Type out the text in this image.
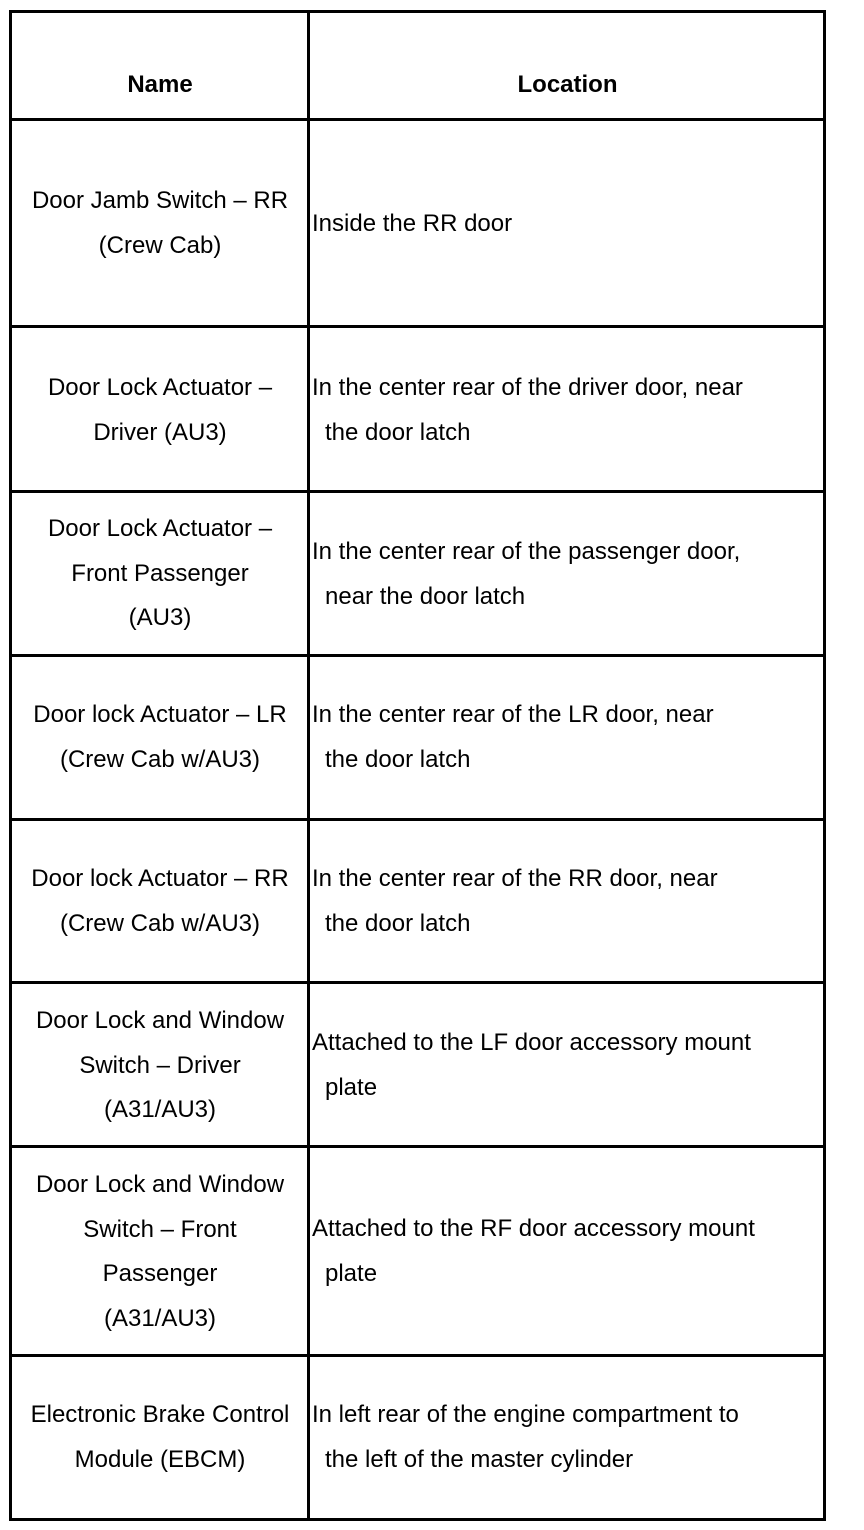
Name	Location
Door Jamb Switch – RR
(Crew Cab)
Inside the RR door
Door Lock Actuator –
Driver (AU3)
In the center rear of the driver door, near
the door latch
Door Lock Actuator –
Front Passenger
(AU3)
In the center rear of the passenger door,
near the door latch
Door lock Actuator – LR
(Crew Cab w/AU3)
In the center rear of the LR door, near
the door latch
Door lock Actuator – RR
(Crew Cab w/AU3)
In the center rear of the RR door, near
the door latch
Door Lock and Window
Switch – Driver
(A31/AU3)
Attached to the LF door accessory mount
plate
Door Lock and Window
Switch – Front
Passenger
(A31/AU3)
Attached to the RF door accessory mount
plate
Electronic Brake Control
Module (EBCM)
In left rear of the engine compartment to
the left of the master cylinder
